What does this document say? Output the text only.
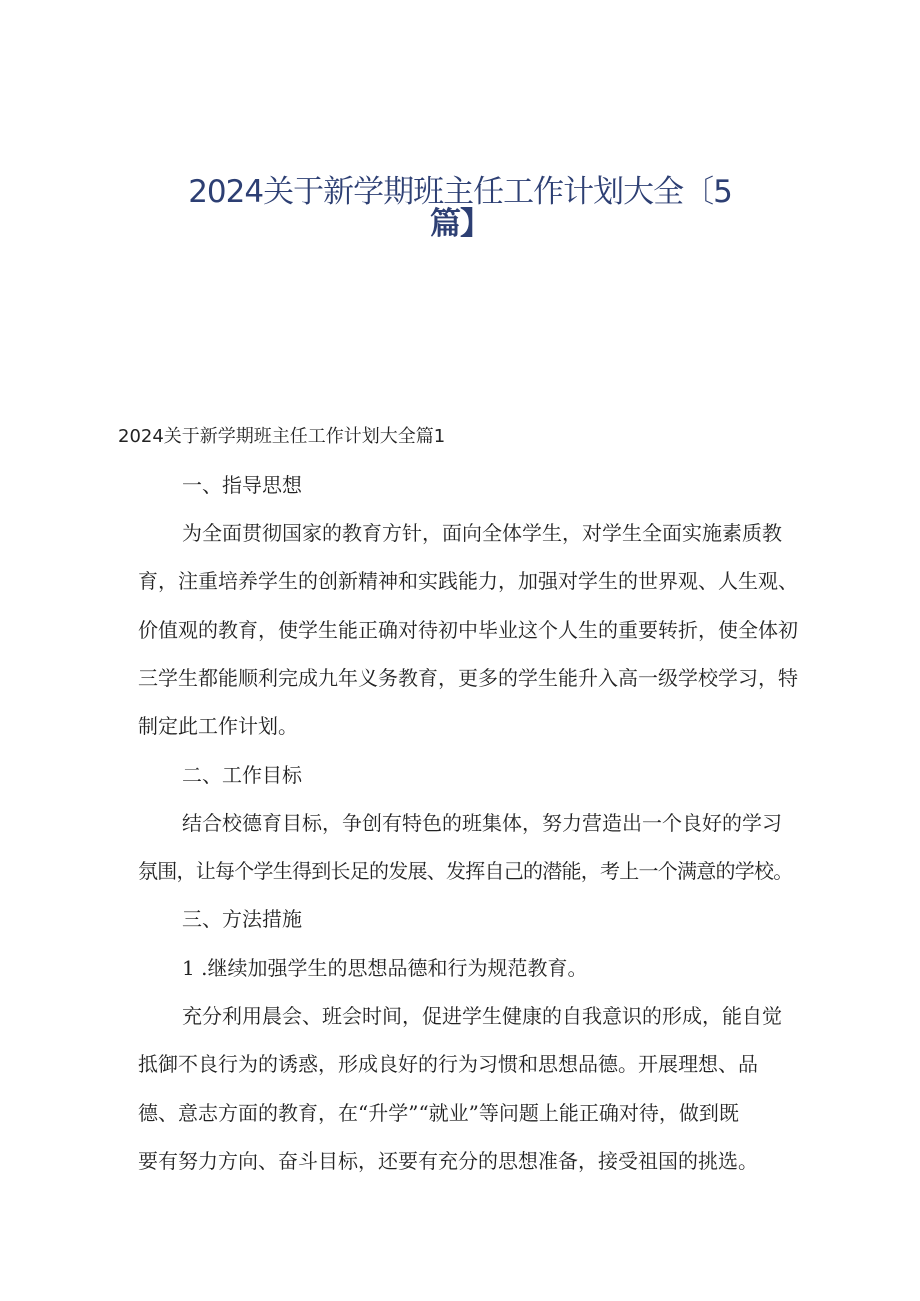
2024关于新学期班主任工作计划大全〔5
篇】
2024关于新学期班主任工作计划大全篇1
一、指导思想
为全面贯彻国家的教育方针，面向全体学生，对学生全面实施素质教
育，注重培养学生的创新精神和实践能力，加强对学生的世界观、人生观、
价值观的教育，使学生能正确对待初中毕业这个人生的重要转折，使全体初
三学生都能顺利完成九年义务教育，更多的学生能升入高一级学校学习，特
制定此工作计划。
二、工作目标
结合校德育目标，争创有特色的班集体，努力营造出一个良好的学习
氛围，让每个学生得到长足的发展、发挥自己的潜能，考上一个满意的学校。
三、方法措施
1 .继续加强学生的思想品德和行为规范教育。
充分利用晨会、班会时间，促进学生健康的自我意识的形成，能自觉
抵御不良行为的诱惑，形成良好的行为习惯和思想品德。开展理想、品
德、意志方面的教育，在“升学”“就业”等问题上能正确对待，做到既
要有努力方向、奋斗目标，还要有充分的思想准备，接受祖国的挑选。
